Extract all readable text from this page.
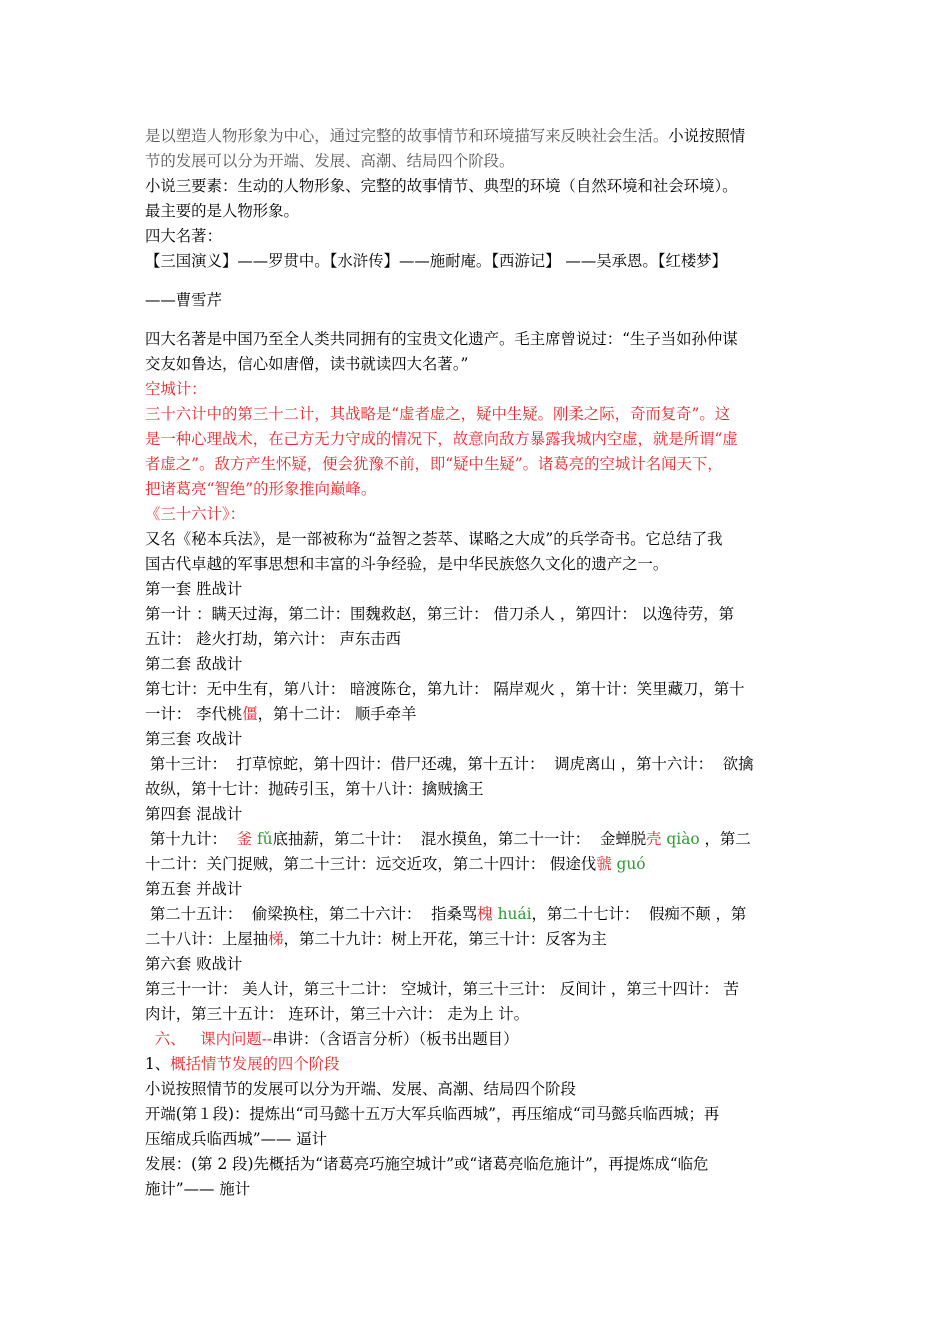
是以塑造人物形象为中心，通过完整的故事情节和环境描写来反映社会生活。小说按照情
节的发展可以分为开端、发展、高潮、结局四个阶段。
小说三要素：生动的人物形象、完整的故事情节、典型的环境（自然环境和社会环境）。
最主要的是人物形象。
四大名著：
【三国演义】——罗贯中。【水浒传】——施耐庵。【西游记】 ——吴承恩。【红楼梦】
——曹雪芹
四大名著是中国乃至全人类共同拥有的宝贵文化遗产。毛主席曾说过：“生子当如孙仲谋
交友如鲁达，信心如唐僧，读书就读四大名著。”
空城计：
三十六计中的第三十二计，其战略是“虚者虚之，疑中生疑。刚柔之际，奇而复奇”。这
是一种心理战术，在己方无力守成的情况下，故意向敌方暴露我城内空虚，就是所谓“虚
者虚之”。敌方产生怀疑，便会犹豫不前，即“疑中生疑”。诸葛亮的空城计名闻天下，
把诸葛亮“智绝”的形象推向巅峰。
《三十六计》：
又名《秘本兵法》，是一部被称为“益智之荟萃、谋略之大成”的兵学奇书。它总结了我
国古代卓越的军事思想和丰富的斗争经验，是中华民族悠久文化的遗产之一。
第一套 胜战计
第一计 ：瞒天过海，第二计：围魏救赵，第三计： 借刀杀人 ，第四计： 以逸待劳，第
五计： 趁火打劫，第六计： 声东击西
第二套 敌战计
第七计：无中生有，第八计： 暗渡陈仓，第九计： 隔岸观火 ，第十计：笑里藏刀，第十
一计： 李代桃僵，第十二计： 顺手牵羊
第三套 攻战计
第十三计：  打草惊蛇，第十四计：借尸还魂，第十五计：  调虎离山 ，第十六计：  欲擒
故纵，第十七计：抛砖引玉，第十八计：擒贼擒王
第四套 混战计
第十九计：  釜 fǔ底抽薪，第二十计：  混水摸鱼，第二十一计：  金蝉脱壳 qiào ，第二
十二计：关门捉贼，第二十三计：远交近攻，第二十四计： 假途伐虢 guó
第五套 并战计
第二十五计：  偷梁换柱，第二十六计：  指桑骂槐 huái，第二十七计：  假痴不颠 ，第
二十八计：上屋抽梯，第二十九计：树上开花，第三十计：反客为主
第六套 败战计
第三十一计： 美人计，第三十二计： 空城计，第三十三计： 反间计 ，第三十四计： 苦
肉计，第三十五计： 连环计，第三十六计： 走为上 计。
六、   课内问题--串讲：（含语言分析）（板书出题目）
1、概括情节发展的四个阶段
小说按照情节的发展可以分为开端、发展、高潮、结局四个阶段
开端(第１段)：提炼出“司马懿十五万大军兵临西城”，再压缩成“司马懿兵临西城；再
压缩成兵临西城”—— 逼计
发展：(第 2 段)先概括为“诸葛亮巧施空城计”或“诸葛亮临危施计”，再提炼成“临危
施计”—— 施计
